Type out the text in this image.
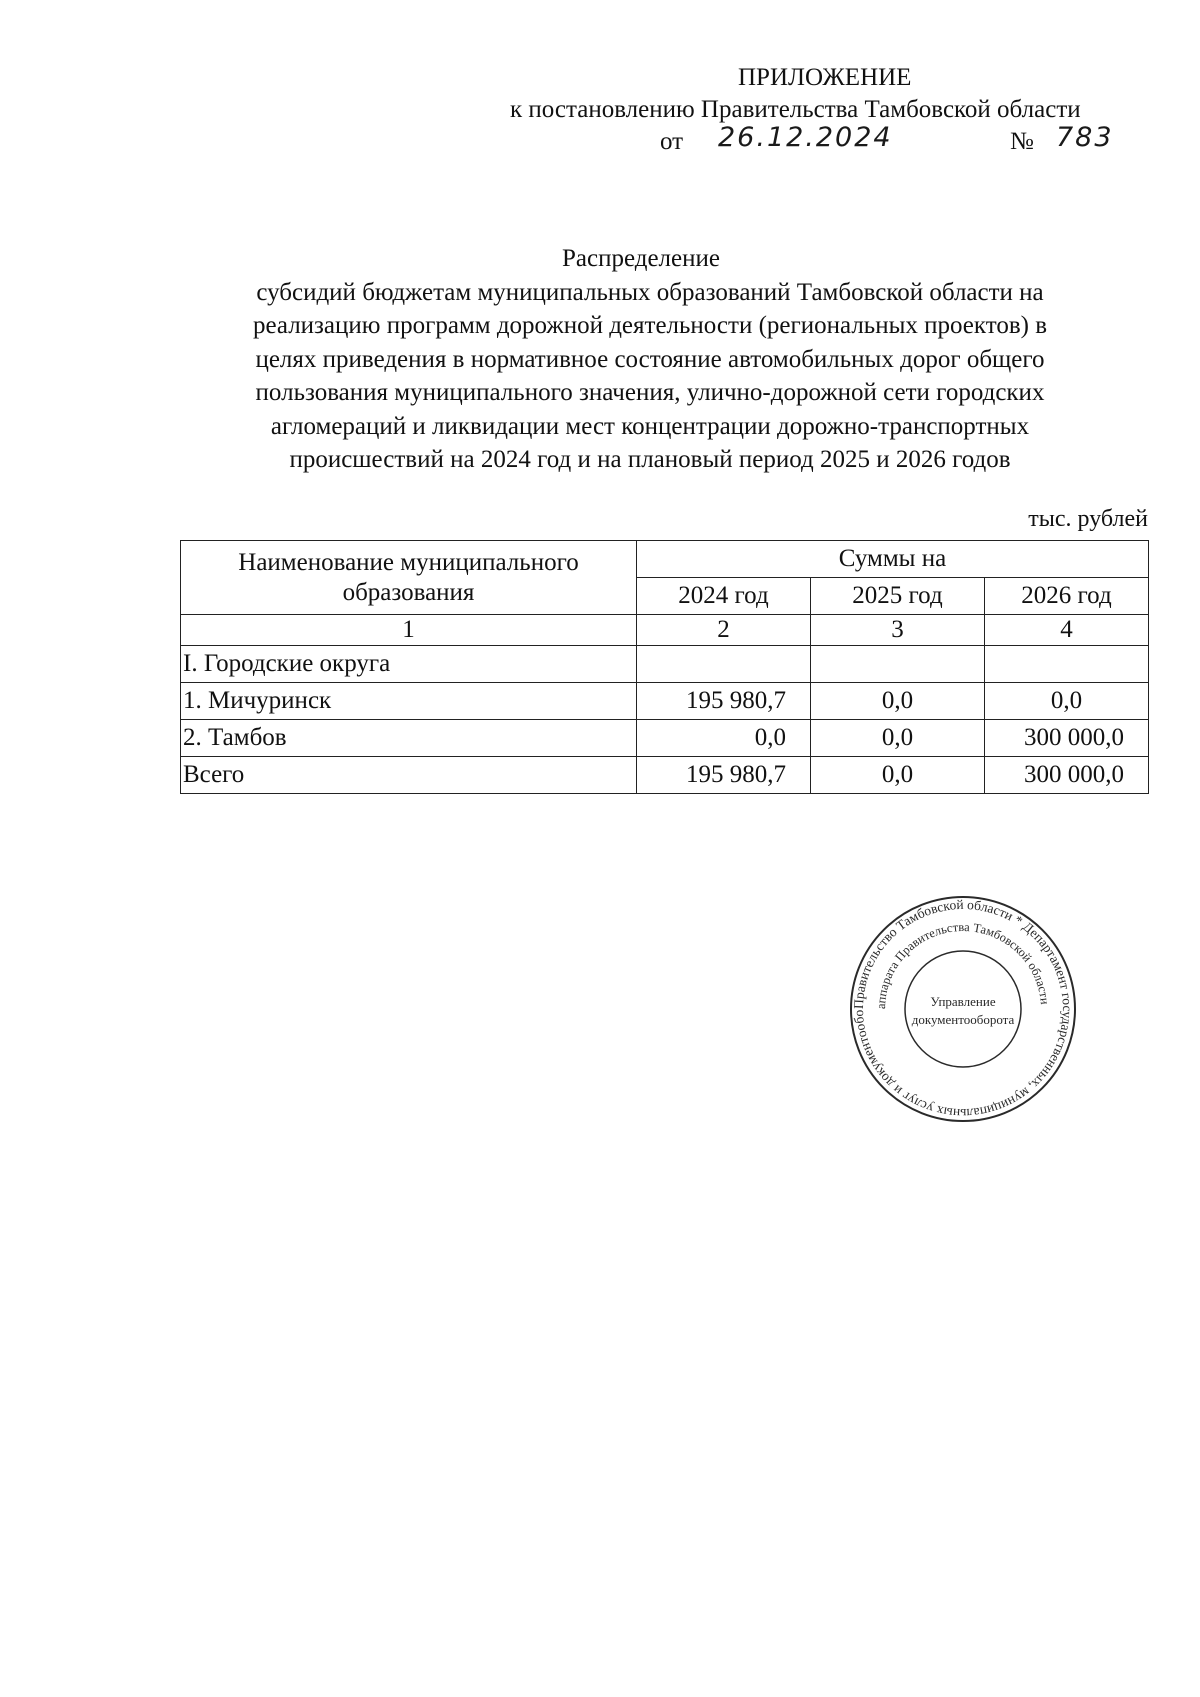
ПРИЛОЖЕНИЕ
к постановлению Правительства Тамбовской области
от 26.12.2024	№ 783
Распределение
субсидий бюджетам муниципальных образований Тамбовской области на
реализацию программ дорожной деятельности (региональных проектов) в
целях приведения в нормативное состояние автомобильных дорог общего
пользования муниципального значения, улично-дорожной сети городских
агломераций и ликвидации мест концентрации дорожно-транспортных
происшествий на 2024 год и на плановый период 2025 и 2026 годов
тыс. рублей
Наименование муниципального образования	Суммы на		
	2024 год	2025 год	2026 год
1	2	3	4
I. Городские округа			
1. Мичуринск	195 980,7	0,0	0,0
2. Тамбов	0,0	0,0	300 000,0
Всего	195 980,7	0,0	300 000,0
Правительство Тамбовской области * Департамент государственных, муниципальных услуг и документообо
аппарата Правительства Тамбовской области
Управление
документооборота
